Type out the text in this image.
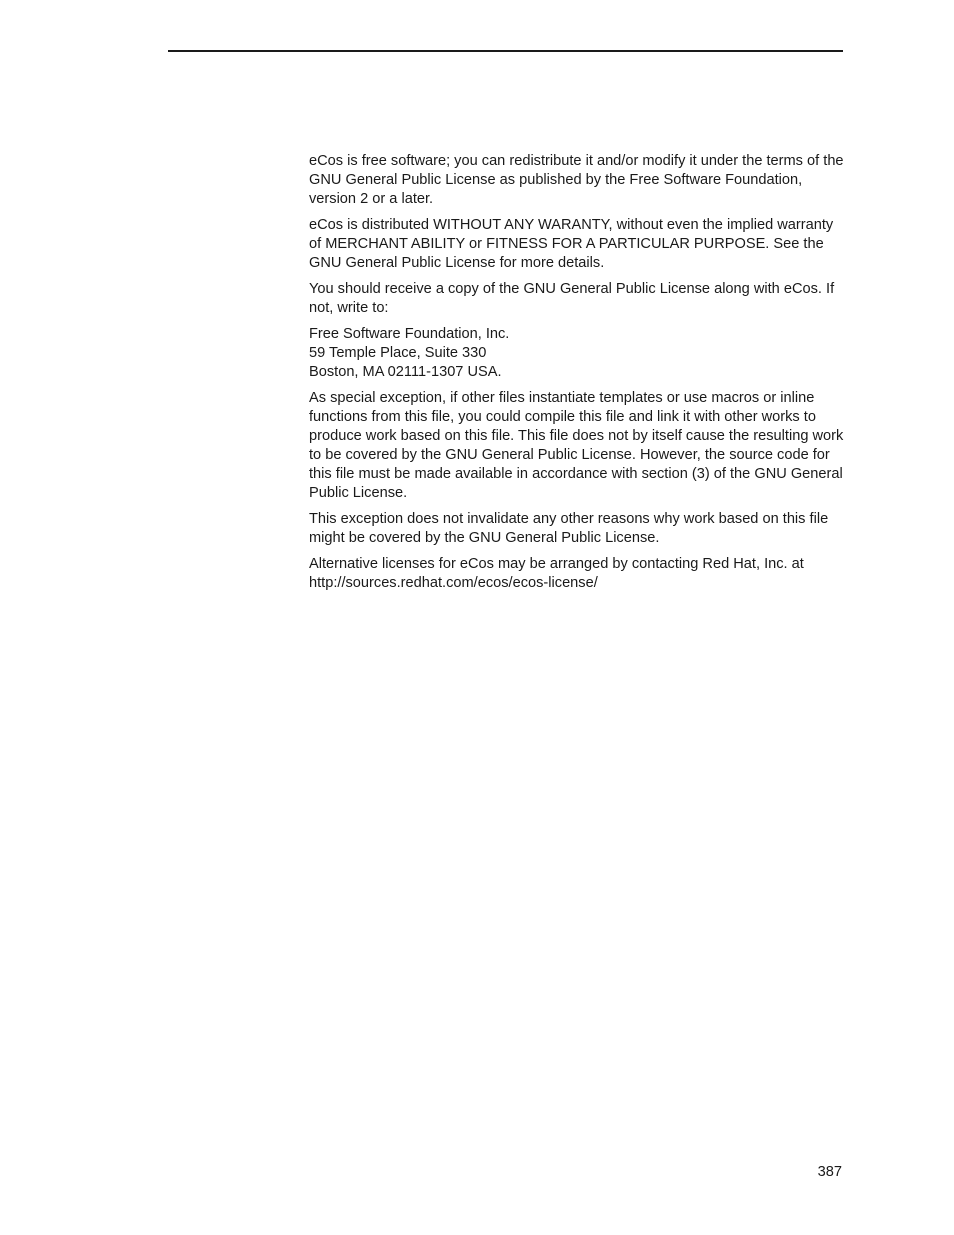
eCos is free software; you can redistribute it and/or modify it under the terms of the GNU General Public License as published by the Free Software Foundation, version 2 or a later.

eCos is distributed WITHOUT ANY WARANTY, without even the implied warranty of MERCHANT ABILITY or FITNESS FOR A PARTICULAR PURPOSE. See the GNU General Public License for more details.

You should receive a copy of the GNU General Public License along with eCos. If not, write to:

Free Software Foundation, Inc.
59 Temple Place, Suite 330
Boston, MA 02111-1307 USA.

As special exception, if other files instantiate templates or use macros or inline functions from this file, you could compile this file and link it with other works to produce work based on this file. This file does not by itself cause the resulting work to be covered by the GNU General Public License. However, the source code for this file must be made available in accordance with section (3) of the GNU General Public License.

This exception does not invalidate any other reasons why work based on this file might be covered by the GNU General Public License.

Alternative licenses for eCos may be arranged by contacting Red Hat, Inc. at http://sources.redhat.com/ecos/ecos-license/

387
